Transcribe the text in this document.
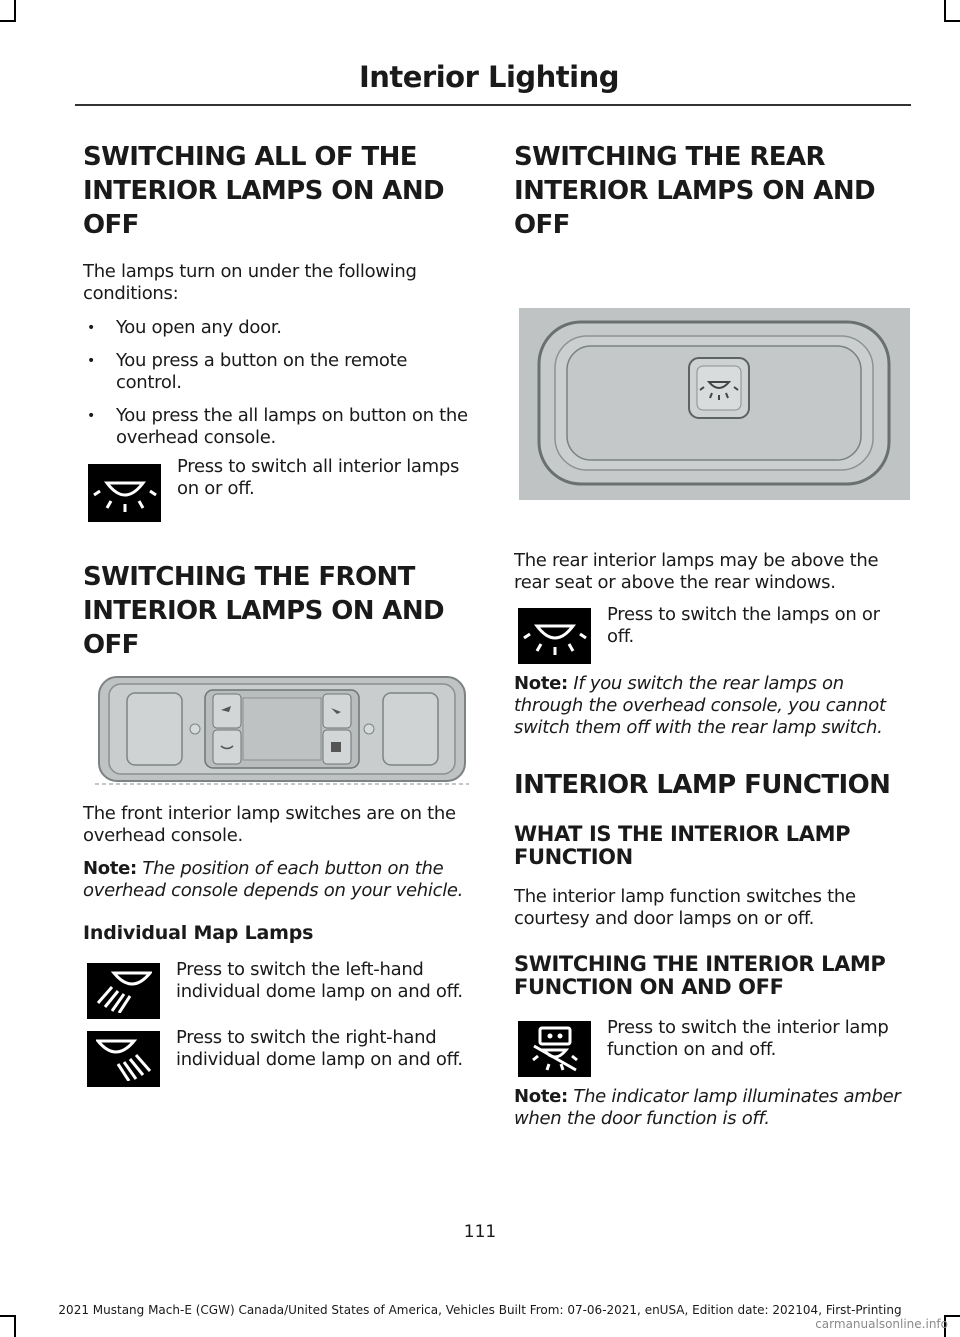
Interior Lighting
SWITCHING ALL OF THE
INTERIOR LAMPS ON AND OFF

The lamps turn on under the following conditions:

• You open any door.
• You press a button on the remote control.
• You press the all lamps on button on the overhead console.
Press to switch all interior lamps on or off.
SWITCHING THE FRONT
INTERIOR LAMPS ON AND OFF

The front interior lamp switches are on the overhead console.

Note: The position of each button on the overhead console depends on your vehicle.

Individual Map Lamps
Press to switch the left-hand individual dome lamp on and off.
Press to switch the right-hand individual dome lamp on and off.
SWITCHING THE REAR
INTERIOR LAMPS ON AND OFF

The rear interior lamps may be above the rear seat or above the rear windows.

Press to switch the lamps on or off.

Note: If you switch the rear lamps on through the overhead console, you cannot switch them off with the rear lamp switch.

INTERIOR LAMP FUNCTION
WHAT IS THE INTERIOR LAMP FUNCTION

The interior lamp function switches the courtesy and door lamps on or off.

SWITCHING THE INTERIOR LAMP FUNCTION ON AND OFF
Press to switch the interior lamp function on and off.

Note: The indicator lamp illuminates amber when the door function is off.

111
2021 Mustang Mach-E (CGW) Canada/United States of America, Vehicles Built From: 07-06-2021, enUSA, Edition date: 202104, First-Printing
carmanualsonline.info
